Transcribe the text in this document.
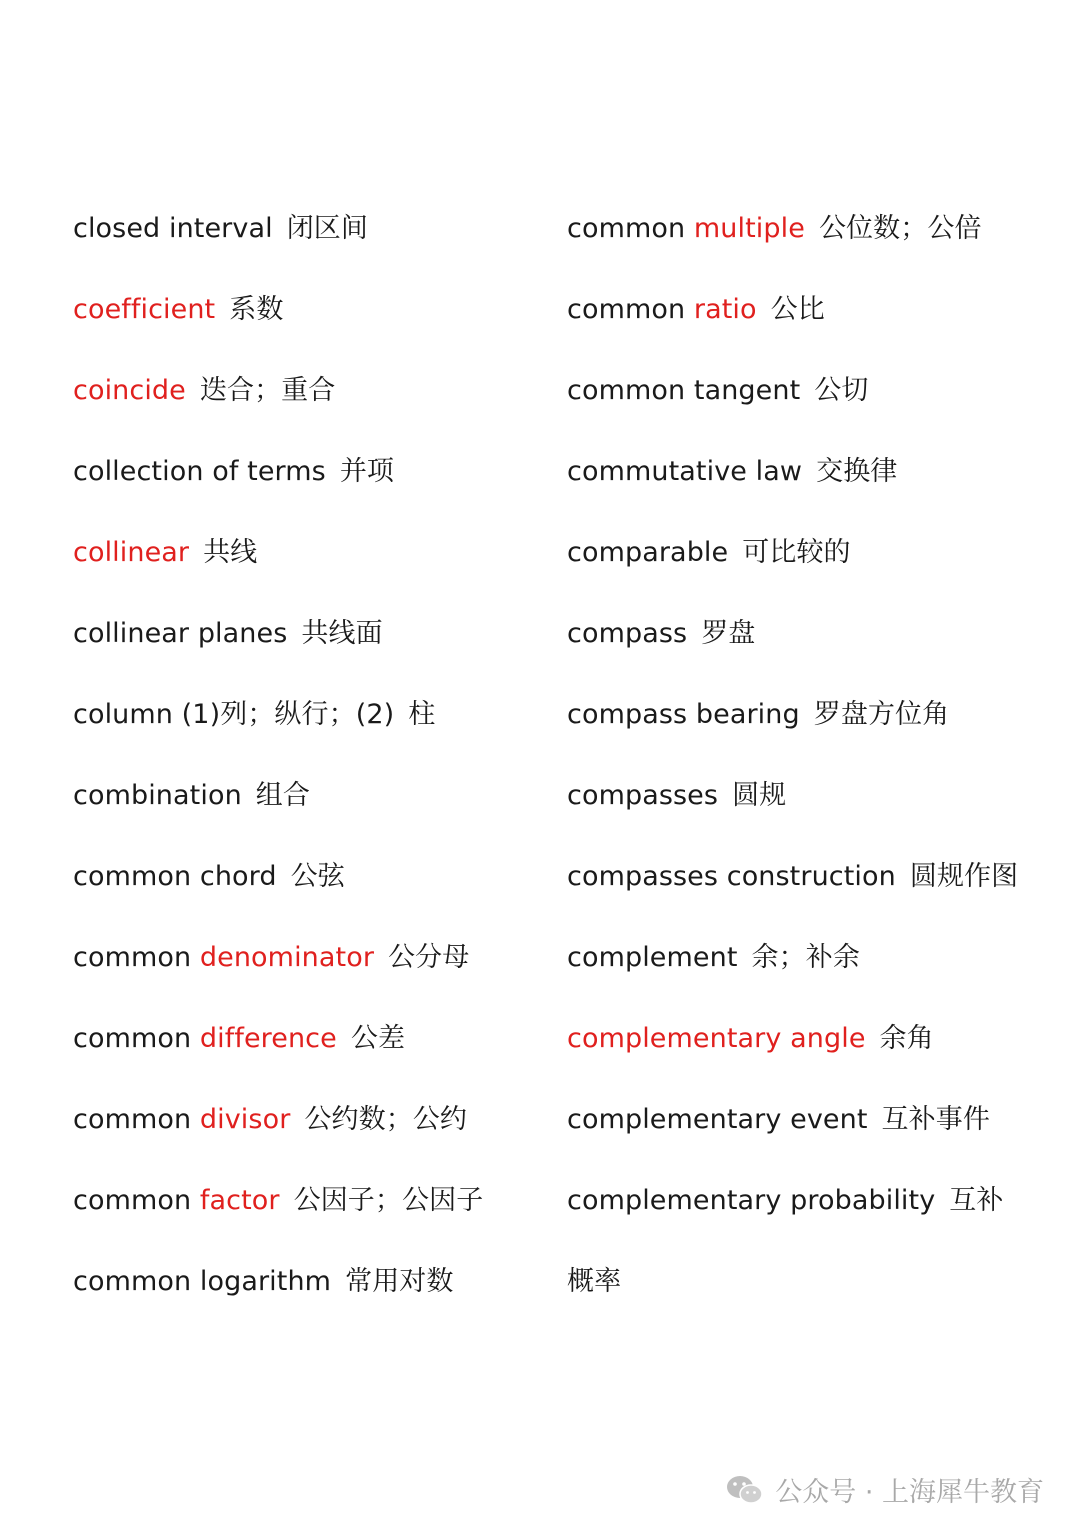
closed interval 闭区间
coefficient 系数
coincide 迭合；重合
collection of terms 并项
collinear 共线
collinear planes 共线面
column (1)列；纵行；(2) 柱
combination 组合
common chord 公弦
common denominator 公分母
common difference 公差
common divisor 公约数；公约
common factor 公因子；公因子
common logarithm 常用对数
common multiple 公位数；公倍
common ratio 公比
common tangent 公切
commutative law 交换律
comparable 可比较的
compass 罗盘
compass bearing 罗盘方位角
compasses 圆规
compasses construction 圆规作图
complement 余；补余
complementary angle 余角
complementary event 互补事件
complementary probability 互补
概率
公众号 · 上海犀牛教育
